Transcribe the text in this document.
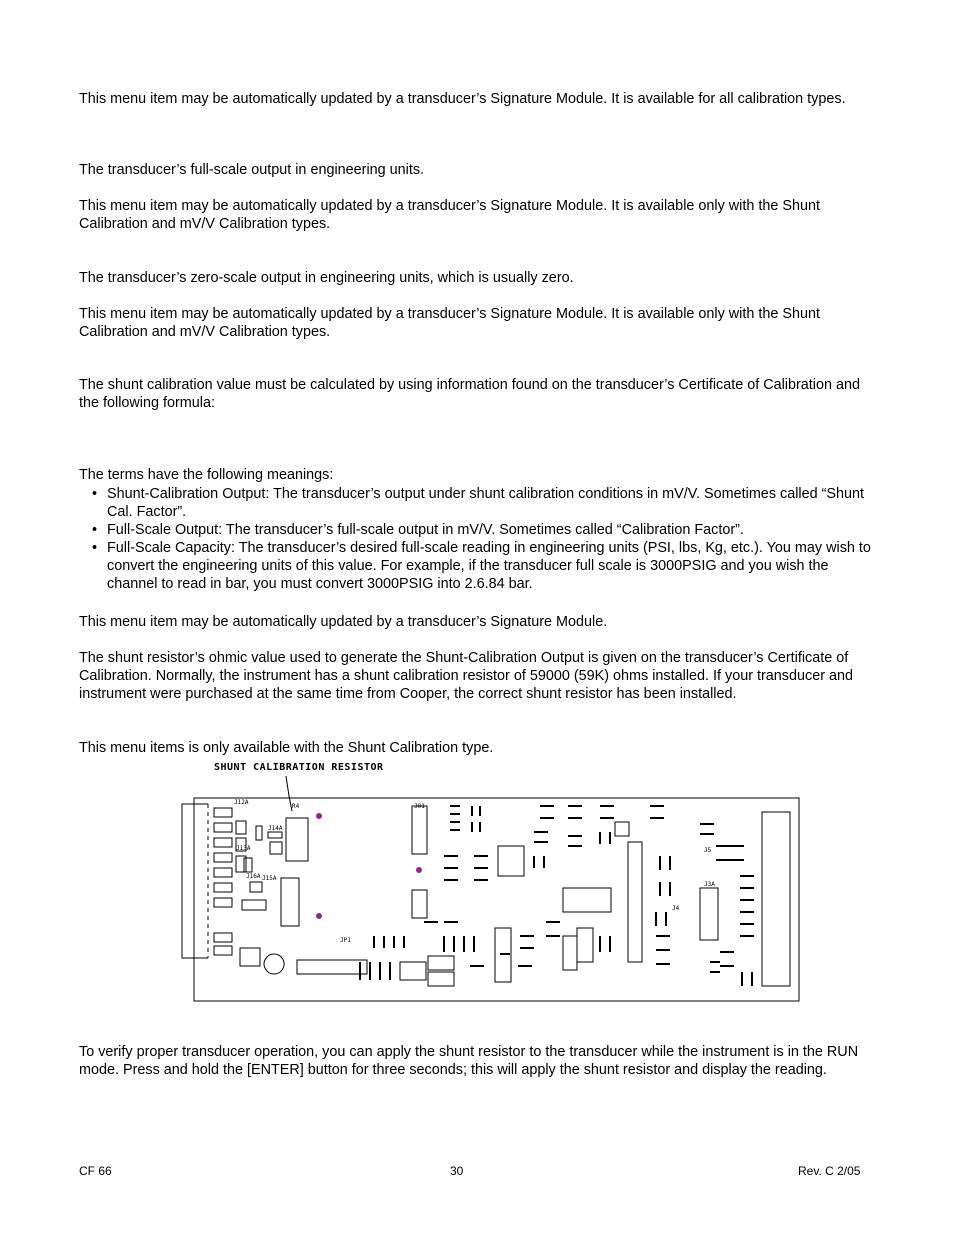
This menu item may be automatically updated by a transducer’s Signature Module. It is available for all calibration types.

The transducer’s full-scale output in engineering units.

This menu item may be automatically updated by a transducer’s Signature Module. It is available only with the Shunt Calibration and mV/V Calibration types.

The transducer’s zero-scale output in engineering units, which is usually zero.

This menu item may be automatically updated by a transducer’s Signature Module. It is available only with the Shunt Calibration and mV/V Calibration types.

The shunt calibration value must be calculated by using information found on the transducer’s Certificate of Calibration and the following formula:

The terms have the following meanings:

• Shunt-Calibration Output: The transducer’s output under shunt calibration conditions in mV/V. Sometimes called “Shunt Cal. Factor”.
• Full-Scale Output: The transducer’s full-scale output in mV/V. Sometimes called “Calibration Factor”.
• Full-Scale Capacity: The transducer’s desired full-scale reading in engineering units (PSI, lbs, Kg, etc.). You may wish to convert the engineering units of this value. For example, if the transducer full scale is 3000PSIG and you wish the channel to read in bar, you must convert 3000PSIG into 2.6.84 bar.

This menu item may be automatically updated by a transducer’s Signature Module.

The shunt resistor’s ohmic value used to generate the Shunt-Calibration Output is given on the transducer’s Certificate of Calibration. Normally, the instrument has a shunt calibration resistor of 59000 (59K) ohms installed. If your transducer and instrument were purchased at the same time from Cooper, the correct shunt resistor has been installed.

This menu items is only available with the Shunt Calibration type.

SHUNT CALIBRATION RESISTOR
J12A
R4	J01
J13A
J14A
J15A
J16A
JP1
J3A
J4
J5

To verify proper transducer operation, you can apply the shunt resistor to the transducer while the instrument is in the RUN mode. Press and hold the [ENTER] button for three seconds; this will apply the shunt resistor and display the reading.

CF 66	30	Rev. C 2/05
